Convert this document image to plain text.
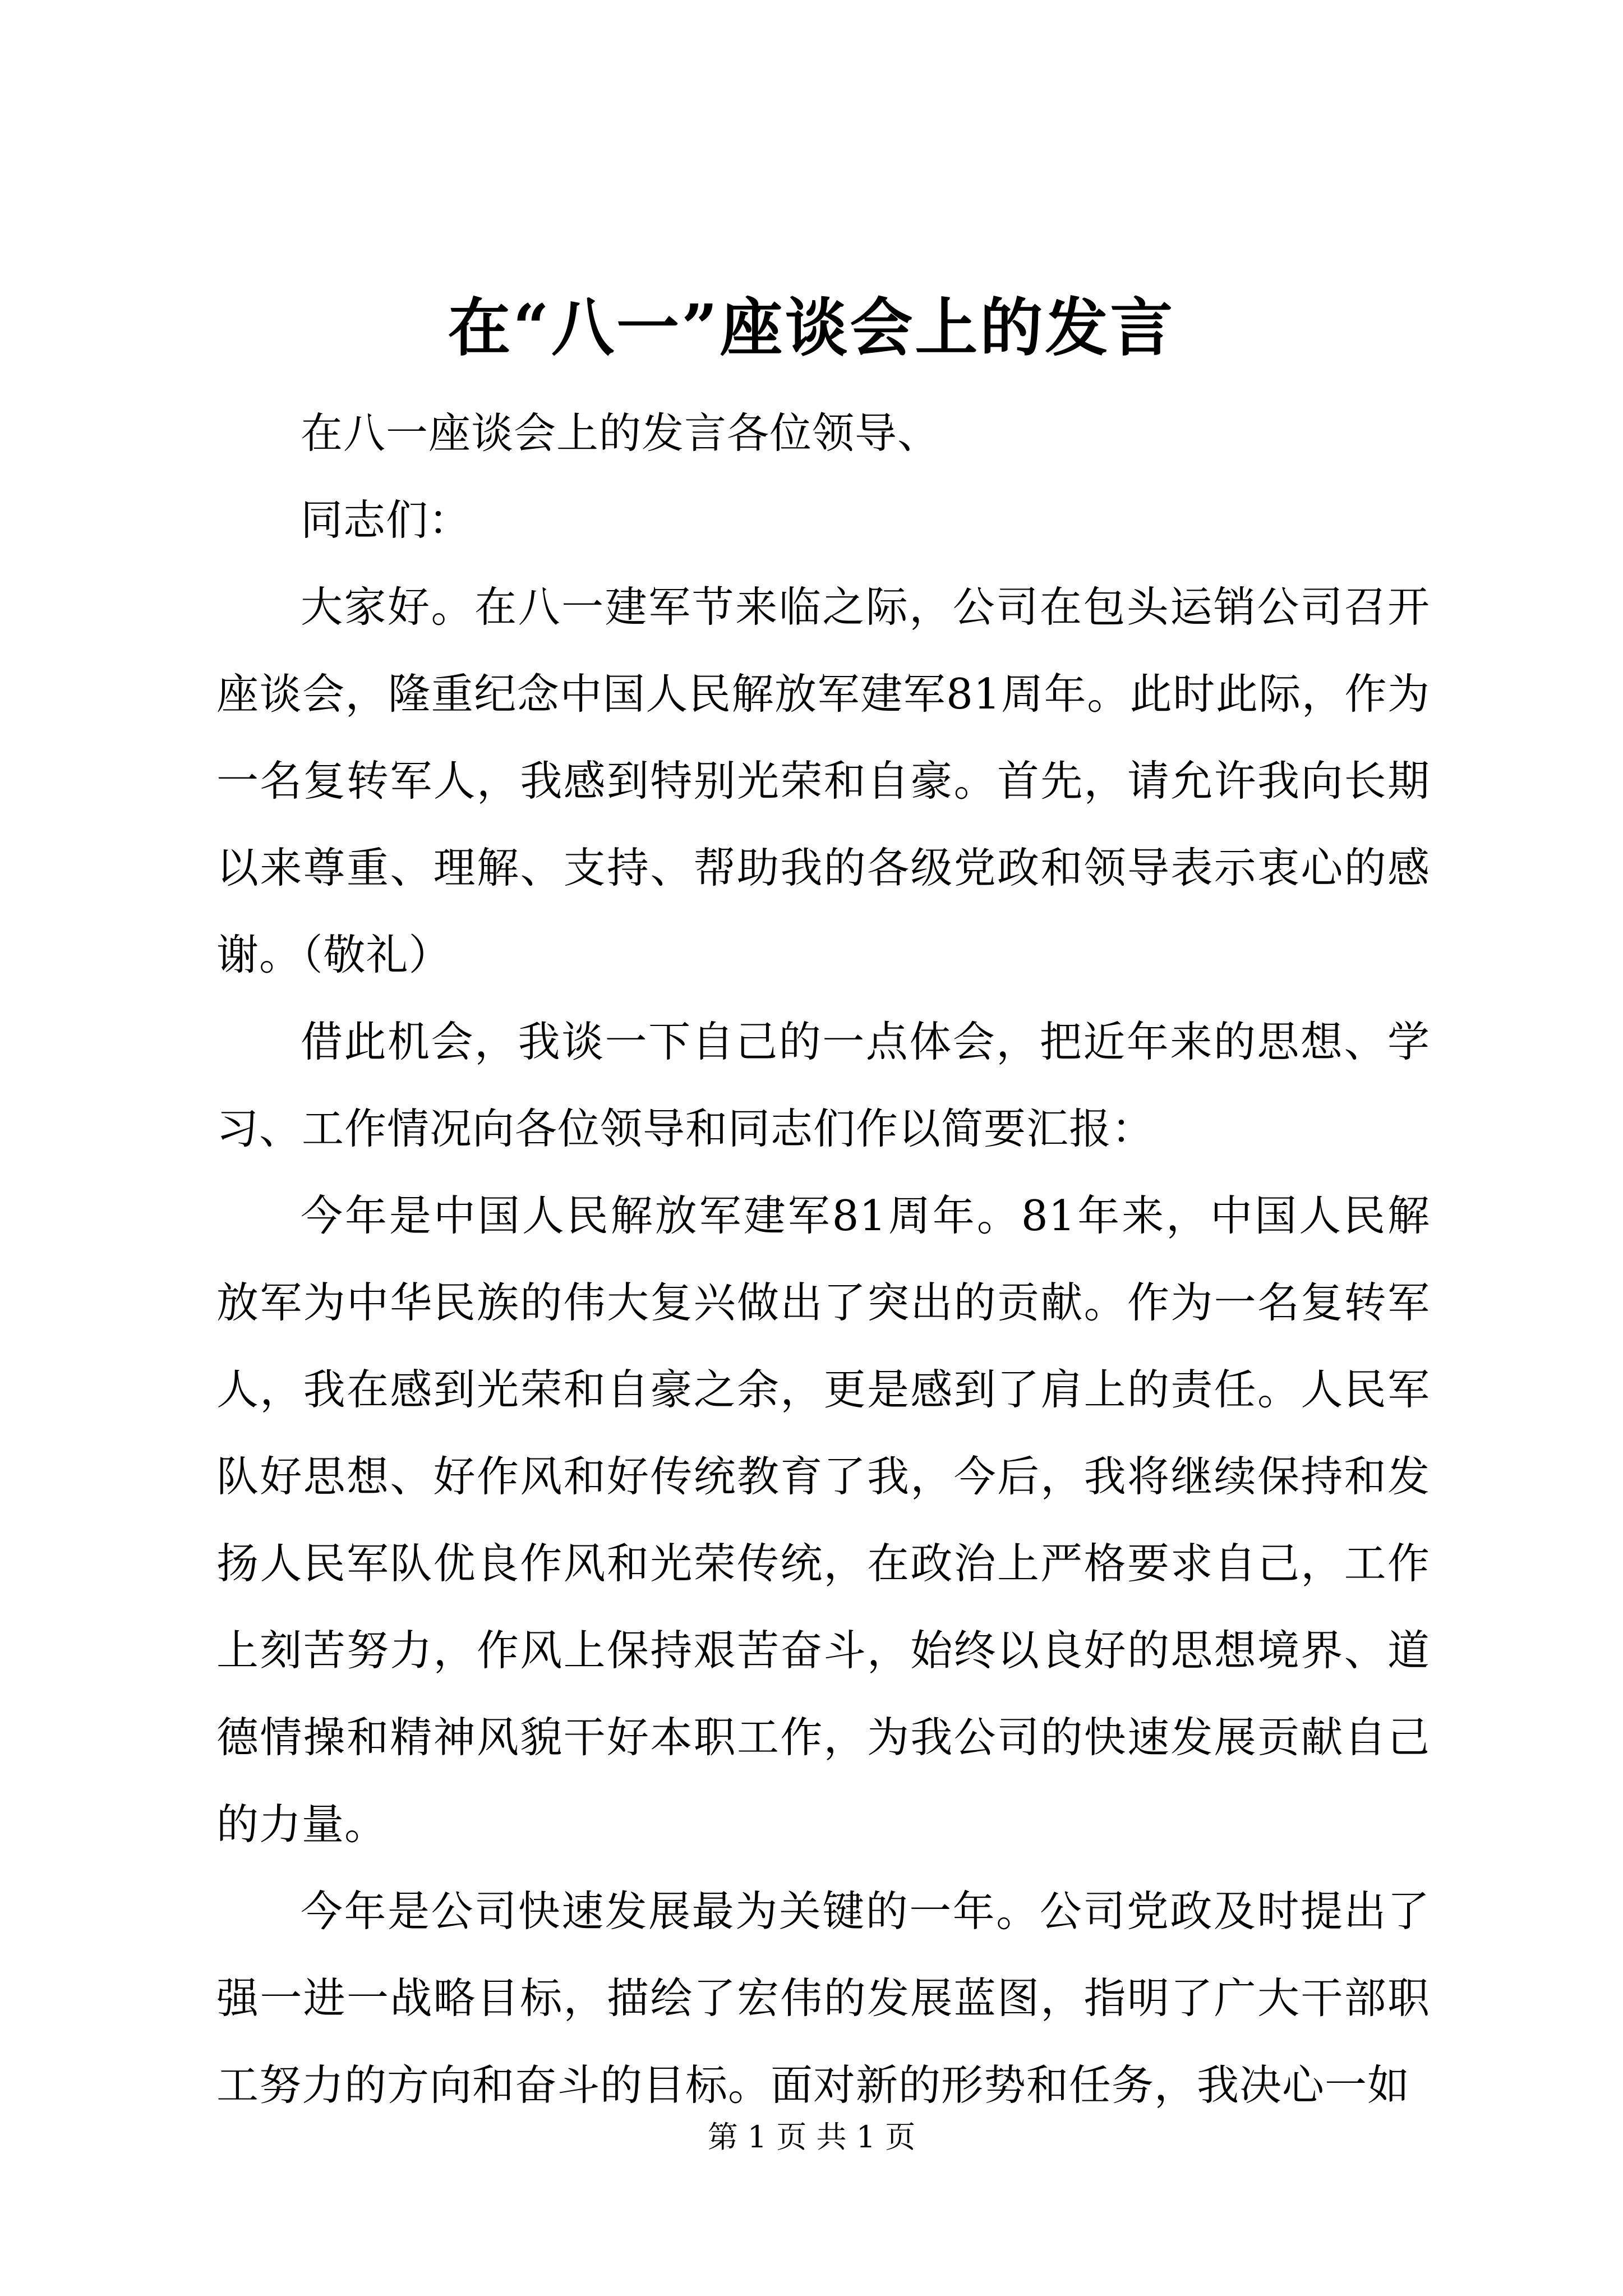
在“八一”座谈会上的发言

在八一座谈会上的发言各位领导、

同志们：

大家好。在八一建军节来临之际，公司在包头运销公司召开座谈会，隆重纪念中国人民解放军建军81周年。此时此际，作为一名复转军人，我感到特别光荣和自豪。首先，请允许我向长期以来尊重、理解、支持、帮助我的各级党政和领导表示衷心的感谢。（敬礼）

借此机会，我谈一下自己的一点体会，把近年来的思想、学习、工作情况向各位领导和同志们作以简要汇报：

今年是中国人民解放军建军81周年。81年来，中国人民解放军为中华民族的伟大复兴做出了突出的贡献。作为一名复转军人，我在感到光荣和自豪之余，更是感到了肩上的责任。人民军队好思想、好作风和好传统教育了我，今后，我将继续保持和发扬人民军队优良作风和光荣传统，在政治上严格要求自己，工作上刻苦努力，作风上保持艰苦奋斗，始终以良好的思想境界、道德情操和精神风貌干好本职工作，为我公司的快速发展贡献自己的力量。

今年是公司快速发展最为关键的一年。公司党政及时提出了强一进一战略目标，描绘了宏伟的发展蓝图，指明了广大干部职工努力的方向和奋斗的目标。面对新的形势和任务，我决心一如

第 1 页 共 1 页
